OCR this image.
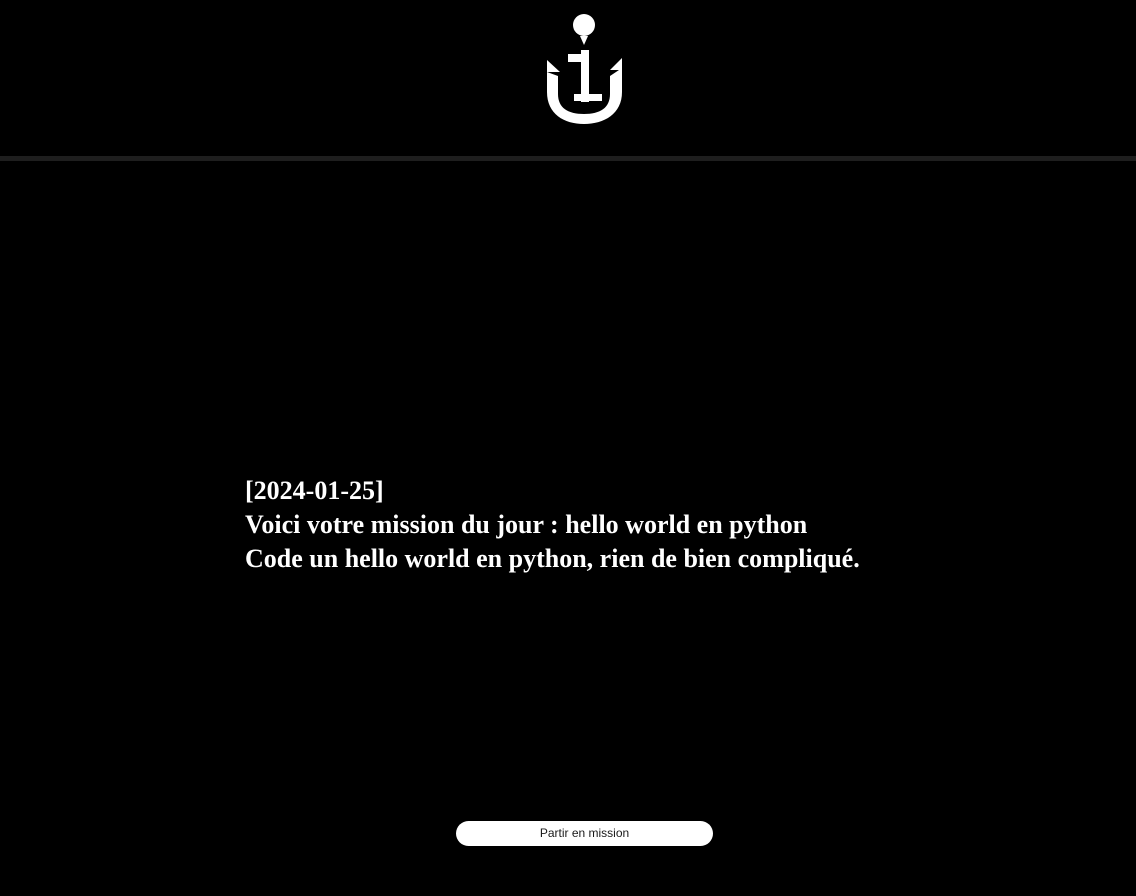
[2024-01-25]
Voici votre mission du jour : hello world en python
Code un hello world en python, rien de bien compliqué.
Partir en mission
